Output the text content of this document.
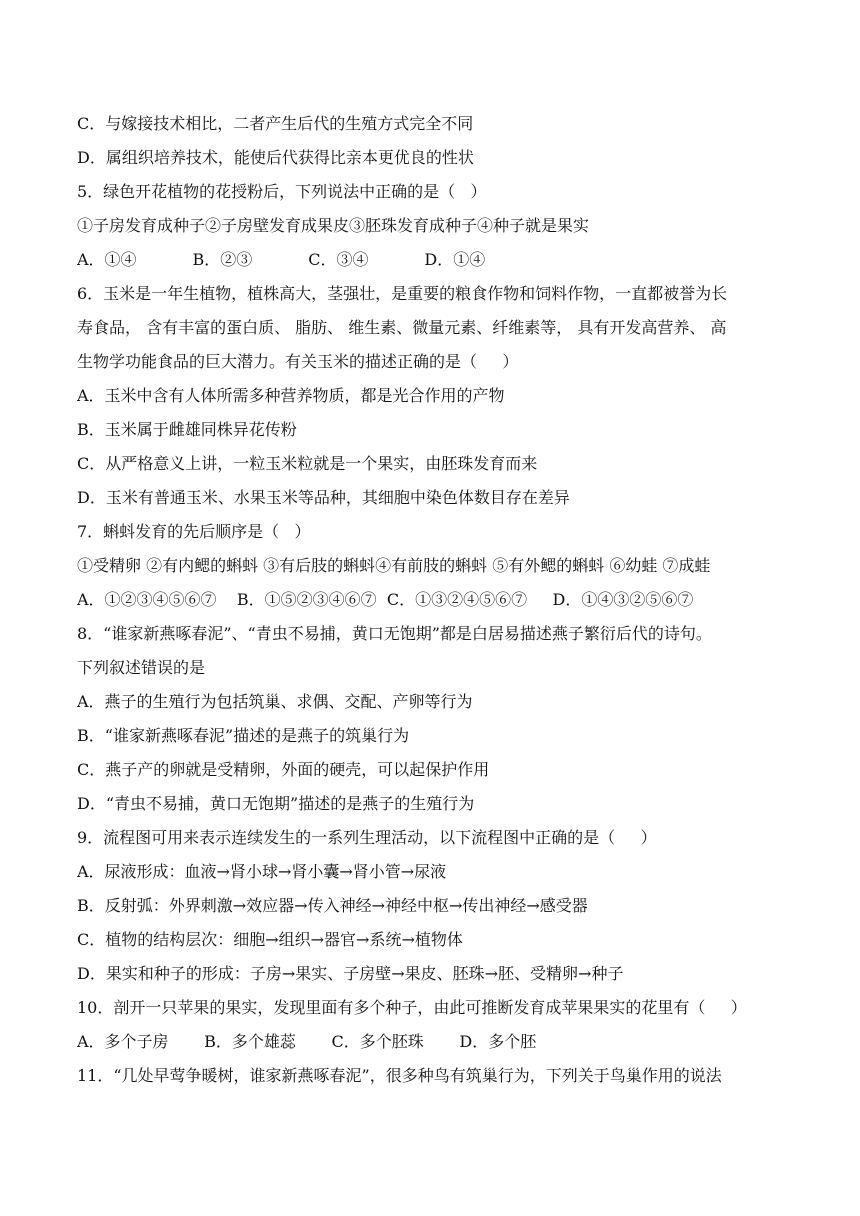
C．与嫁接技术相比，二者产生后代的生殖方式完全不同
D．属组织培养技术，能使后代获得比亲本更优良的性状
5．绿色开花植物的花授粉后，下列说法中正确的是（   ）
①子房发育成种子②子房壁发育成果皮③胚珠发育成种子④种子就是果实
A．①④           B．②③           C．③④           D．①④
6．玉米是一年生植物，植株高大，茎强壮，是重要的粮食作物和饲料作物，一直都被誉为长
寿食品， 含有丰富的蛋白质、 脂肪、 维生素、微量元素、纤维素等， 具有开发高营养、 高
生物学功能食品的巨大潜力。有关玉米的描述正确的是（     ）
A．玉米中含有人体所需多种营养物质，都是光合作用的产物
B．玉米属于雌雄同株异花传粉
C．从严格意义上讲，一粒玉米粒就是一个果实，由胚珠发育而来
D．玉米有普通玉米、水果玉米等品种，其细胞中染色体数目存在差异
7．蝌蚪发育的先后顺序是（   ）
①受精卵 ②有内鳃的蝌蚪 ③有后肢的蝌蚪④有前肢的蝌蚪 ⑤有外鳃的蝌蚪 ⑥幼蛙 ⑦成蛙
A．①②③④⑤⑥⑦    B．①⑤②③④⑥⑦  C．①③②④⑤⑥⑦     D．①④③②⑤⑥⑦
8．“谁家新燕啄春泥”、“青虫不易捕，黄口无饱期”都是白居易描述燕子繁衍后代的诗句。
下列叙述错误的是
A．燕子的生殖行为包括筑巢、求偶、交配、产卵等行为
B．“谁家新燕啄春泥”描述的是燕子的筑巢行为
C．燕子产的卵就是受精卵，外面的硬壳，可以起保护作用
D．“青虫不易捕，黄口无饱期”描述的是燕子的生殖行为
9．流程图可用来表示连续发生的一系列生理活动，以下流程图中正确的是（     ）
A．尿液形成：血液→肾小球→肾小囊→肾小管→尿液
B．反射弧：外界刺激→效应器→传入神经→神经中枢→传出神经→感受器
C．植物的结构层次：细胞→组织→器官→系统→植物体
D．果实和种子的形成：子房→果实、子房壁→果皮、胚珠→胚、受精卵→种子
10．剖开一只苹果的果实，发现里面有多个种子，由此可推断发育成苹果果实的花里有（     ）
A．多个子房       B．多个雄蕊       C．多个胚珠       D．多个胚
11．“几处早莺争暖树，谁家新燕啄春泥”，很多种鸟有筑巢行为，下列关于鸟巢作用的说法
